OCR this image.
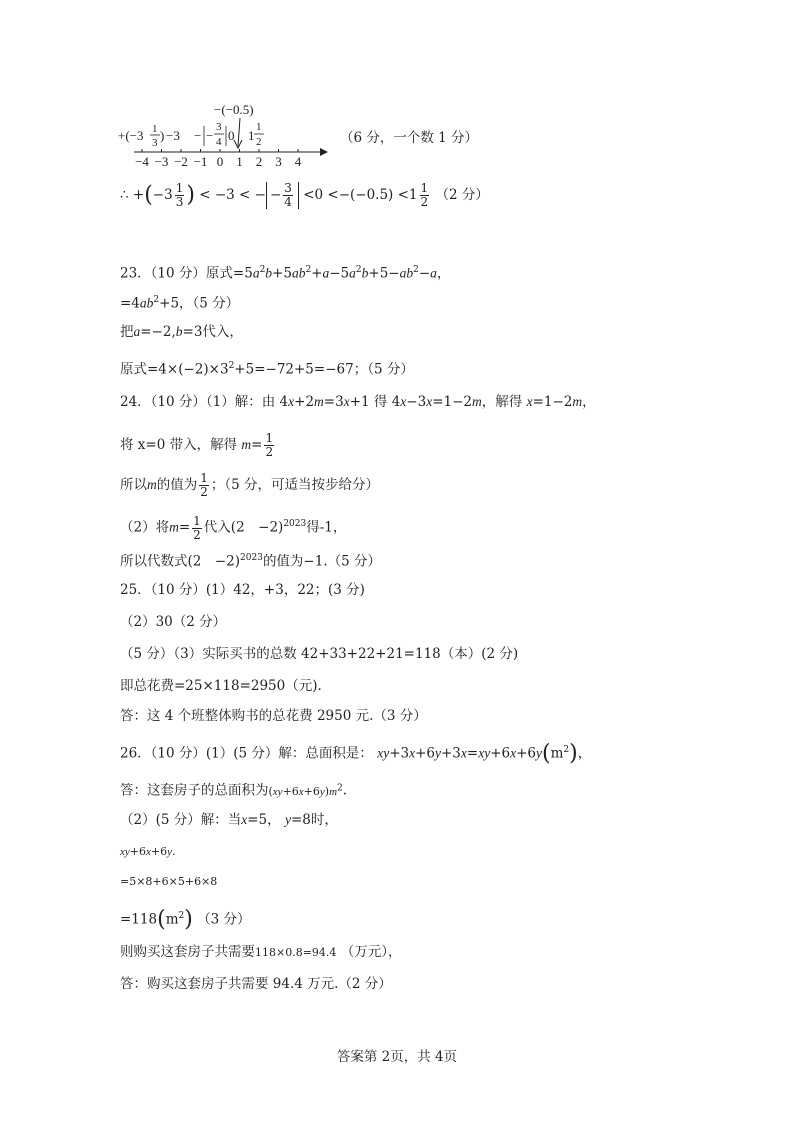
−(−0.5)
+(−3 1
3 ) −3 − −
3
4 0 1
1
2
−4 −3 −2 −1 0 1 2 3 4
（6 分，一个数 1 分）
∴ $+(-3 \frac{1}{3}$ ) < −3 < − − $\frac{3}{4} <0 <-(-0.5) <1 \frac{1}{2} (2$ 分）
23．（10 分）原式$=5a^2b+5ab^2+a-5a^2b+5-ab^2-a$，
$=4ab^2+5$，（5 分）
把a=−2,b=3代入，
原式$=4\times(-2)\times 3^2+5=-72+5=-67$；（5 分）
24．（10 分）（1）解：由 4x+2m=3x+1 得 4x−3x=1−2m，解得 x=1−2m，
将 x=0 带入，解得 $m= \frac{1}{2}$
所以m的值为 $\frac{1}{2}$ ；（5 分，可适当按步给分）
（2）将$m= \frac{1}{2}$ 代入(2　−2)$^{2023}$得-1，
所以代数式(2　−2)$^{2023}$的值为−1.（5 分）
25．（10 分）(1）42，+3，22；(3 分)
（2）30（2 分）
（5 分）（3）实际买书的总数 42+33+22+21=118（本）(2 分)
即总花费=25×118=2950（元).
答：这 4 个班整体购书的总花费 2950 元.（3 分）
26．（10 分）(1）(5 分）解：总面积是： $xy+3x+6y+3x=xy+6x+6y(m^2)$，
答：这套房子的总面积为$(xy+6x+6y)m^2$.
（2）(5 分）解：当x=5， y=8时，
xy+6x+6y.
=5×8+6×5+6×8
$=118(m^2)$ （3 分）
则购买这套房子共需要118×0.8=94.4 （万元），
答：购买这套房子共需要 94.4 万元.（2 分）
答案第 2页，共 4页
